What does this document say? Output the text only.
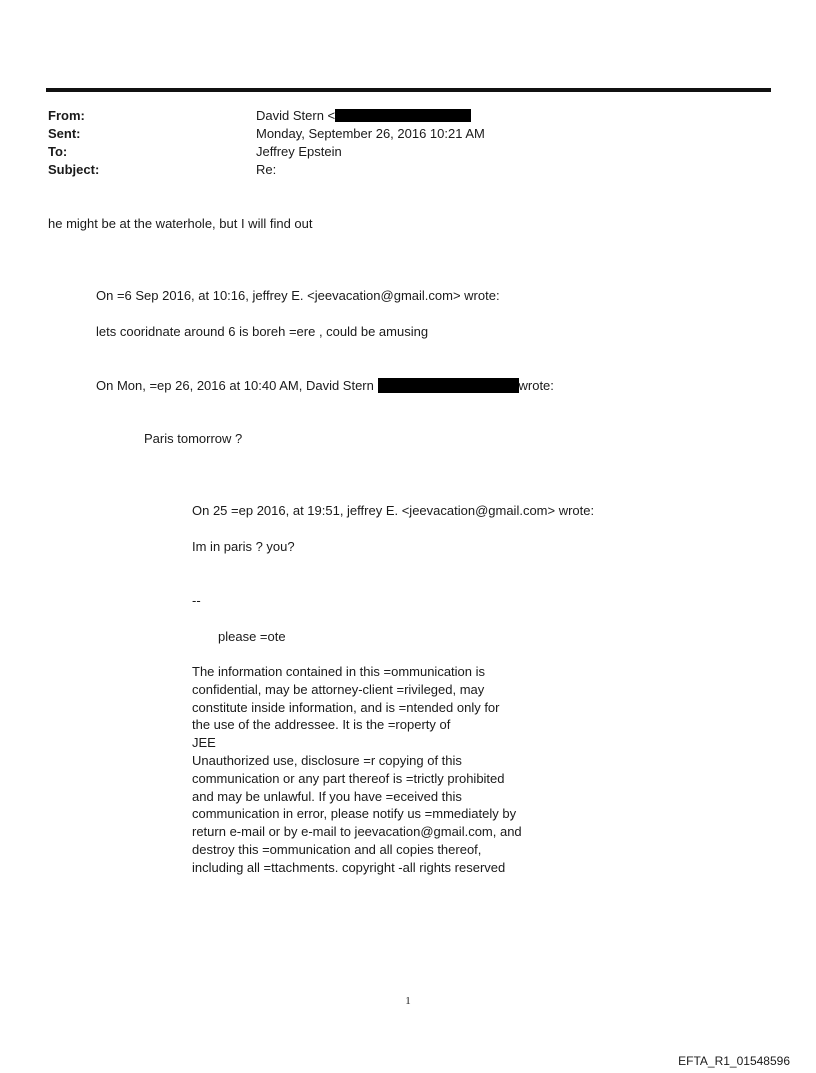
From:	David Stern <
Sent:	Monday, September 26, 2016 10:21 AM
To:	Jeffrey Epstein
Subject:	Re:
he might be at the waterhole, but I will find out
On =6 Sep 2016, at 10:16, jeffrey E. <jeevacation@gmail.com> wrote:
lets cooridnate around 6 is boreh =ere , could be amusing
On Mon, =ep 26, 2016 at 10:40 AM, David Stern	wrote:
Paris tomorrow ?
On 25 =ep 2016, at 19:51, jeffrey E. <jeevacation@gmail.com> wrote:
Im in paris ? you?
--
please =ote
The information contained in this =ommunication is
confidential, may be attorney-client =rivileged, may
constitute inside information, and is =ntended only for
the use of the addressee. It is the =roperty of
JEE
Unauthorized use, disclosure =r copying of this
communication or any part thereof is =trictly prohibited
and may be unlawful. If you have =eceived this
communication in error, please notify us =mmediately by
return e-mail or by e-mail to jeevacation@gmail.com, and
destroy this =ommunication and all copies thereof,
including all =ttachments. copyright -all rights reserved
1
EFTA_R1_01548596
